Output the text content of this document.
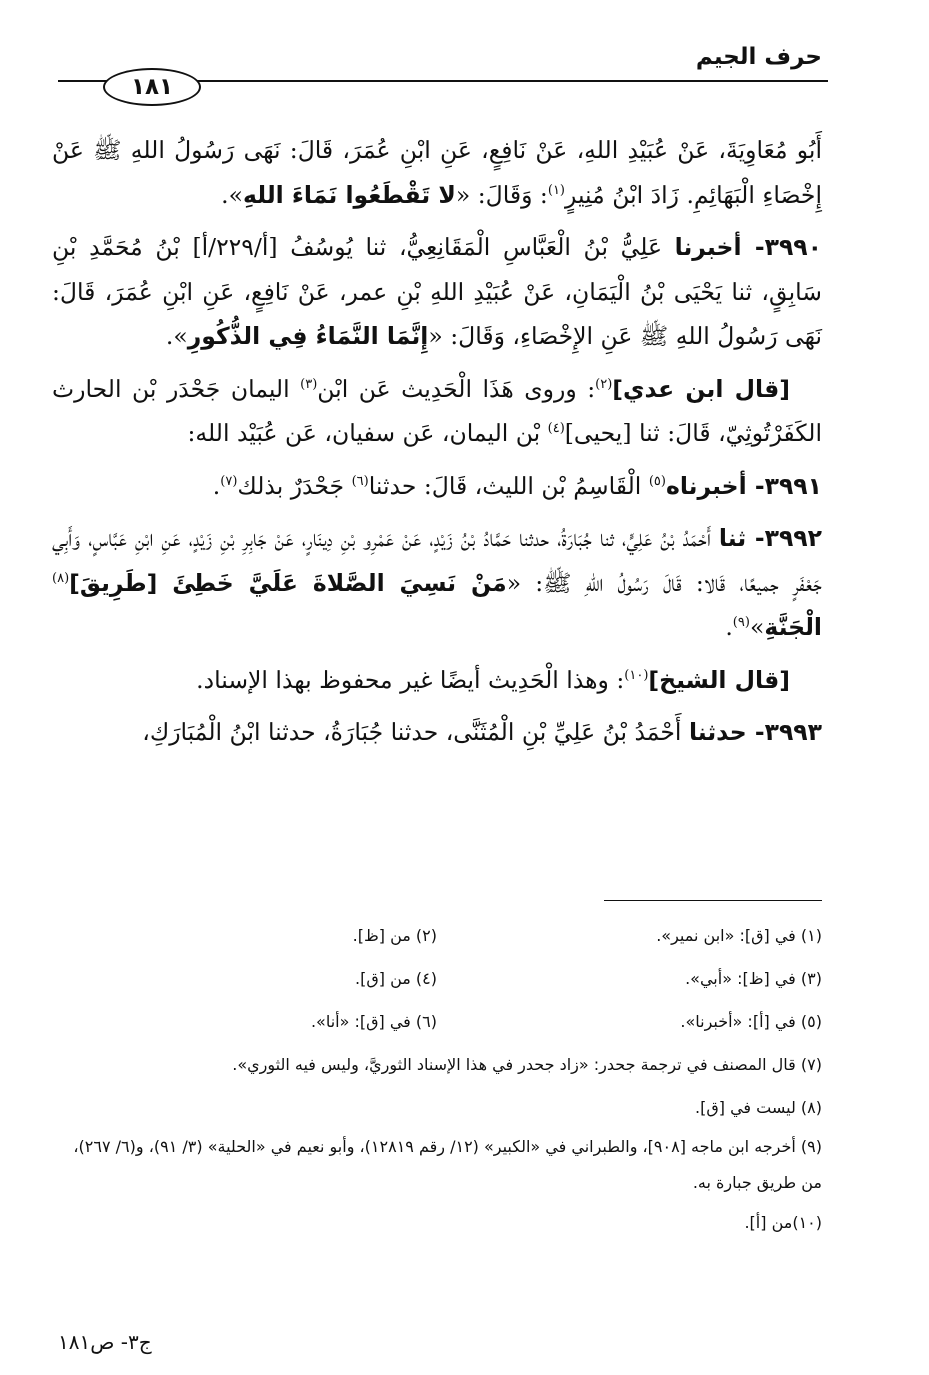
حرف الجيم
١٨١

أَبُو مُعَاوِيَةَ، عَنْ عُبَيْدِ اللهِ، عَنْ نَافِعٍ، عَنِ ابْنِ عُمَرَ، قَالَ: نَهَى رَسُولُ اللهِ ﷺ عَنْ إِخْصَاءِ الْبَهَائِمِ. زَادَ ابْنُ مُنِيرٍ$^{(١)}$: وَقَالَ: «لا تَقْطَعُوا نَمَاءَ اللهِ».

٣٩٩٠- أخبرنا عَلِيُّ بْنُ الْعَبَّاسِ الْمَقَانِعِيُّ، ثنا يُوسُفُ [أ/٢٢٩/أ] بْنُ مُحَمَّدِ بْنِ سَابِقٍ، ثنا يَحْيَى بْنُ الْيَمَانِ، عَنْ عُبَيْدِ اللهِ بْنِ عمر، عَنْ نَافِعٍ، عَنِ ابْنِ عُمَرَ، قَالَ: نَهَى رَسُولُ اللهِ ﷺ عَنِ الإِخْصَاءِ، وَقَالَ: «إِنَّمَا النَّمَاءُ فِي الذُّكُورِ».

[قال ابن عدي]$^{(٢)}$: وروى هَذَا الْحَدِيث عَن ابْن$^{(٣)}$ اليمان جَحْدَر بْن الحارث الكَفَرْتُوثِيّ، قَالَ: ثنا [يحيى]$^{(٤)}$ بْن اليمان، عَن سفيان، عَن عُبَيْد الله:

٣٩٩١- أخبرناه$^{(٥)}$ الْقَاسِمُ بْن الليث، قَالَ: حدثنا$^{(٦)}$ جَحْدَرٌ بذلك$^{(٧)}$.

٣٩٩٢- ثنا أَحْمَدُ بْنُ عَلِيٍّ، ثنا جُبَارَةُ، حدثنا حَمَّادُ بْنُ زَيْدٍ، عَنْ عَمْرِو بْنِ دِينَارٍ، عَنْ جَابِرِ بْنِ زَيْدٍ، عَنِ ابْنِ عَبَّاسٍ، وَأَبِي جَعْفَرٍ جميعًا، قَالا: قَالَ رَسُولُ اللهِ ﷺ: «مَنْ نَسِيَ الصَّلاةَ عَلَيَّ خَطِئَ [طَرِيقَ]$^{(٨)}$ الْجَنَّةِ»$^{(٩)}$.

[قال الشيخ]$^{(١٠)}$: وهذا الْحَدِيث أيضًا غير محفوظ بهذا الإسناد.

٣٩٩٣- حدثنا أَحْمَدُ بْنُ عَلِيِّ بْنِ الْمُثَنَّى، حدثنا جُبَارَةُ، حدثنا ابْنُ الْمُبَارَكِ،

(١) في [ق]: «ابن نمير».
(٢) من [ظ].
(٣) في [ظ]: «أبي».
(٤) من [ق].
(٥) في [أ]: «أخبرنا».
(٦) في [ق]: «أنا».
(٧) قال المصنف في ترجمة جحدر: «زاد جحدر في هذا الإسناد الثوريَّ، وليس فيه الثوري».
(٨) ليست في [ق].
(٩) أخرجه ابن ماجه [٩٠٨]، والطبراني في «الكبير» (١٢/ رقم ١٢٨١٩)، وأبو نعيم في «الحلية» (٣/ ٩١)، و(٦/ ٢٦٧)، من طريق جبارة به.
(١٠)من [أ].
ج٣- ص١٨١
